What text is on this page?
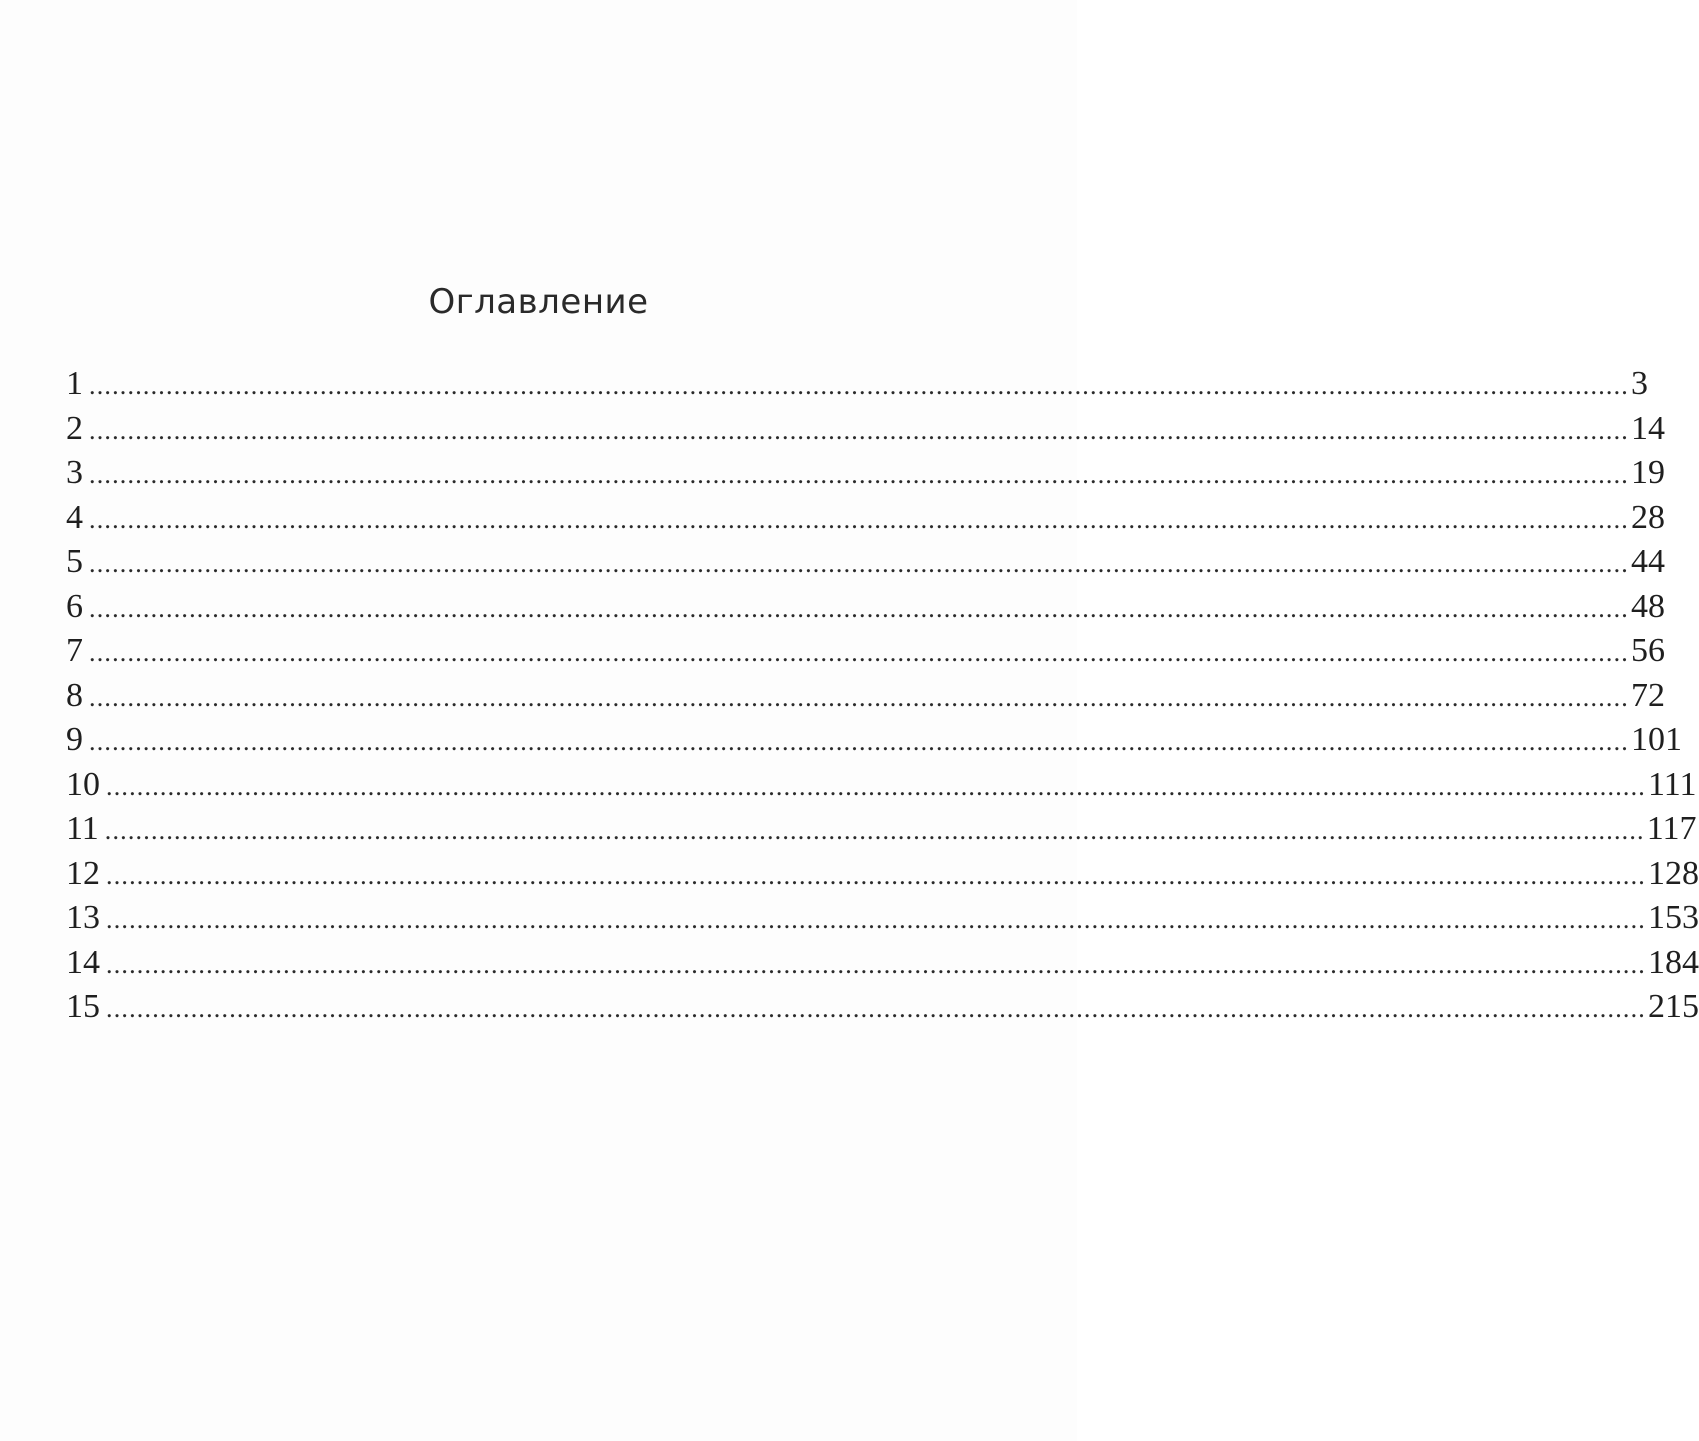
Оглавление
1 ........................................................................................................................................................................................................ 3
2 ........................................................................................................................................................................................................ 14
3 ........................................................................................................................................................................................................ 19
4 ........................................................................................................................................................................................................ 28
5 ........................................................................................................................................................................................................ 44
6 ........................................................................................................................................................................................................ 48
7 ........................................................................................................................................................................................................ 56
8 ........................................................................................................................................................................................................ 72
9 ........................................................................................................................................................................................................ 101
10 ........................................................................................................................................................................................................ 111
11 ........................................................................................................................................................................................................ 117
12 ........................................................................................................................................................................................................ 128
13 ........................................................................................................................................................................................................ 153
14 ........................................................................................................................................................................................................ 184
15 ........................................................................................................................................................................................................ 215
